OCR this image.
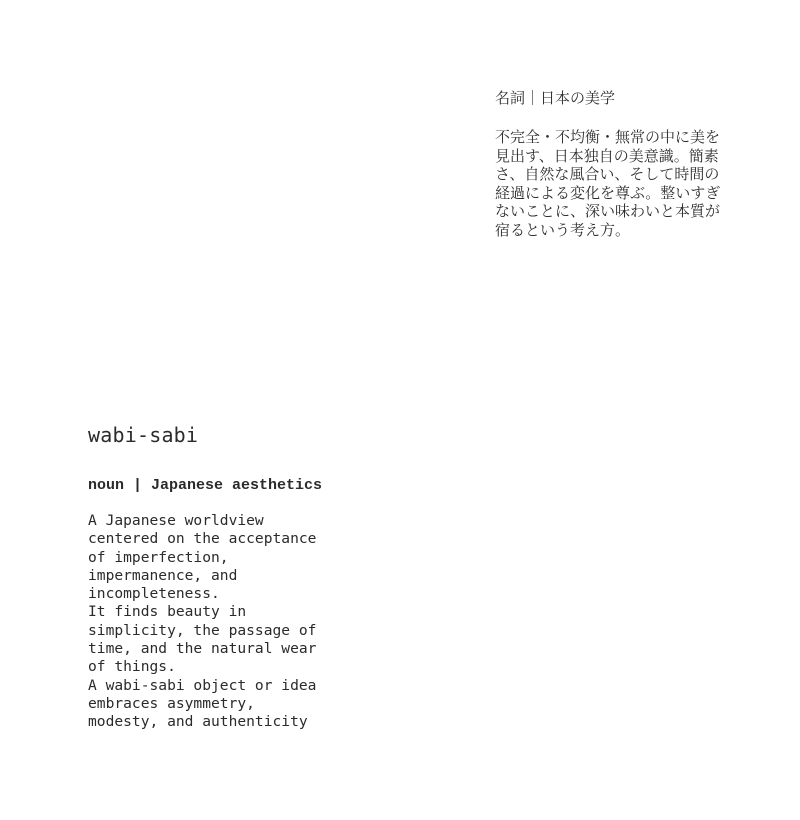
名詞｜日本の美学

不完全・不均衡・無常の中に美を見出す、日本独自の美意識。簡素さ、自然な風合い、そして時間の経過による変化を尊ぶ。整いすぎないことに、深い味わいと本質が宿るという考え方。

wabi-sabi

noun | Japanese aesthetics

A Japanese worldview
centered on the acceptance
of imperfection,
impermanence, and
incompleteness.
It finds beauty in
simplicity, the passage of
time, and the natural wear
of things.
A wabi-sabi object or idea
embraces asymmetry,
modesty, and authenticity
